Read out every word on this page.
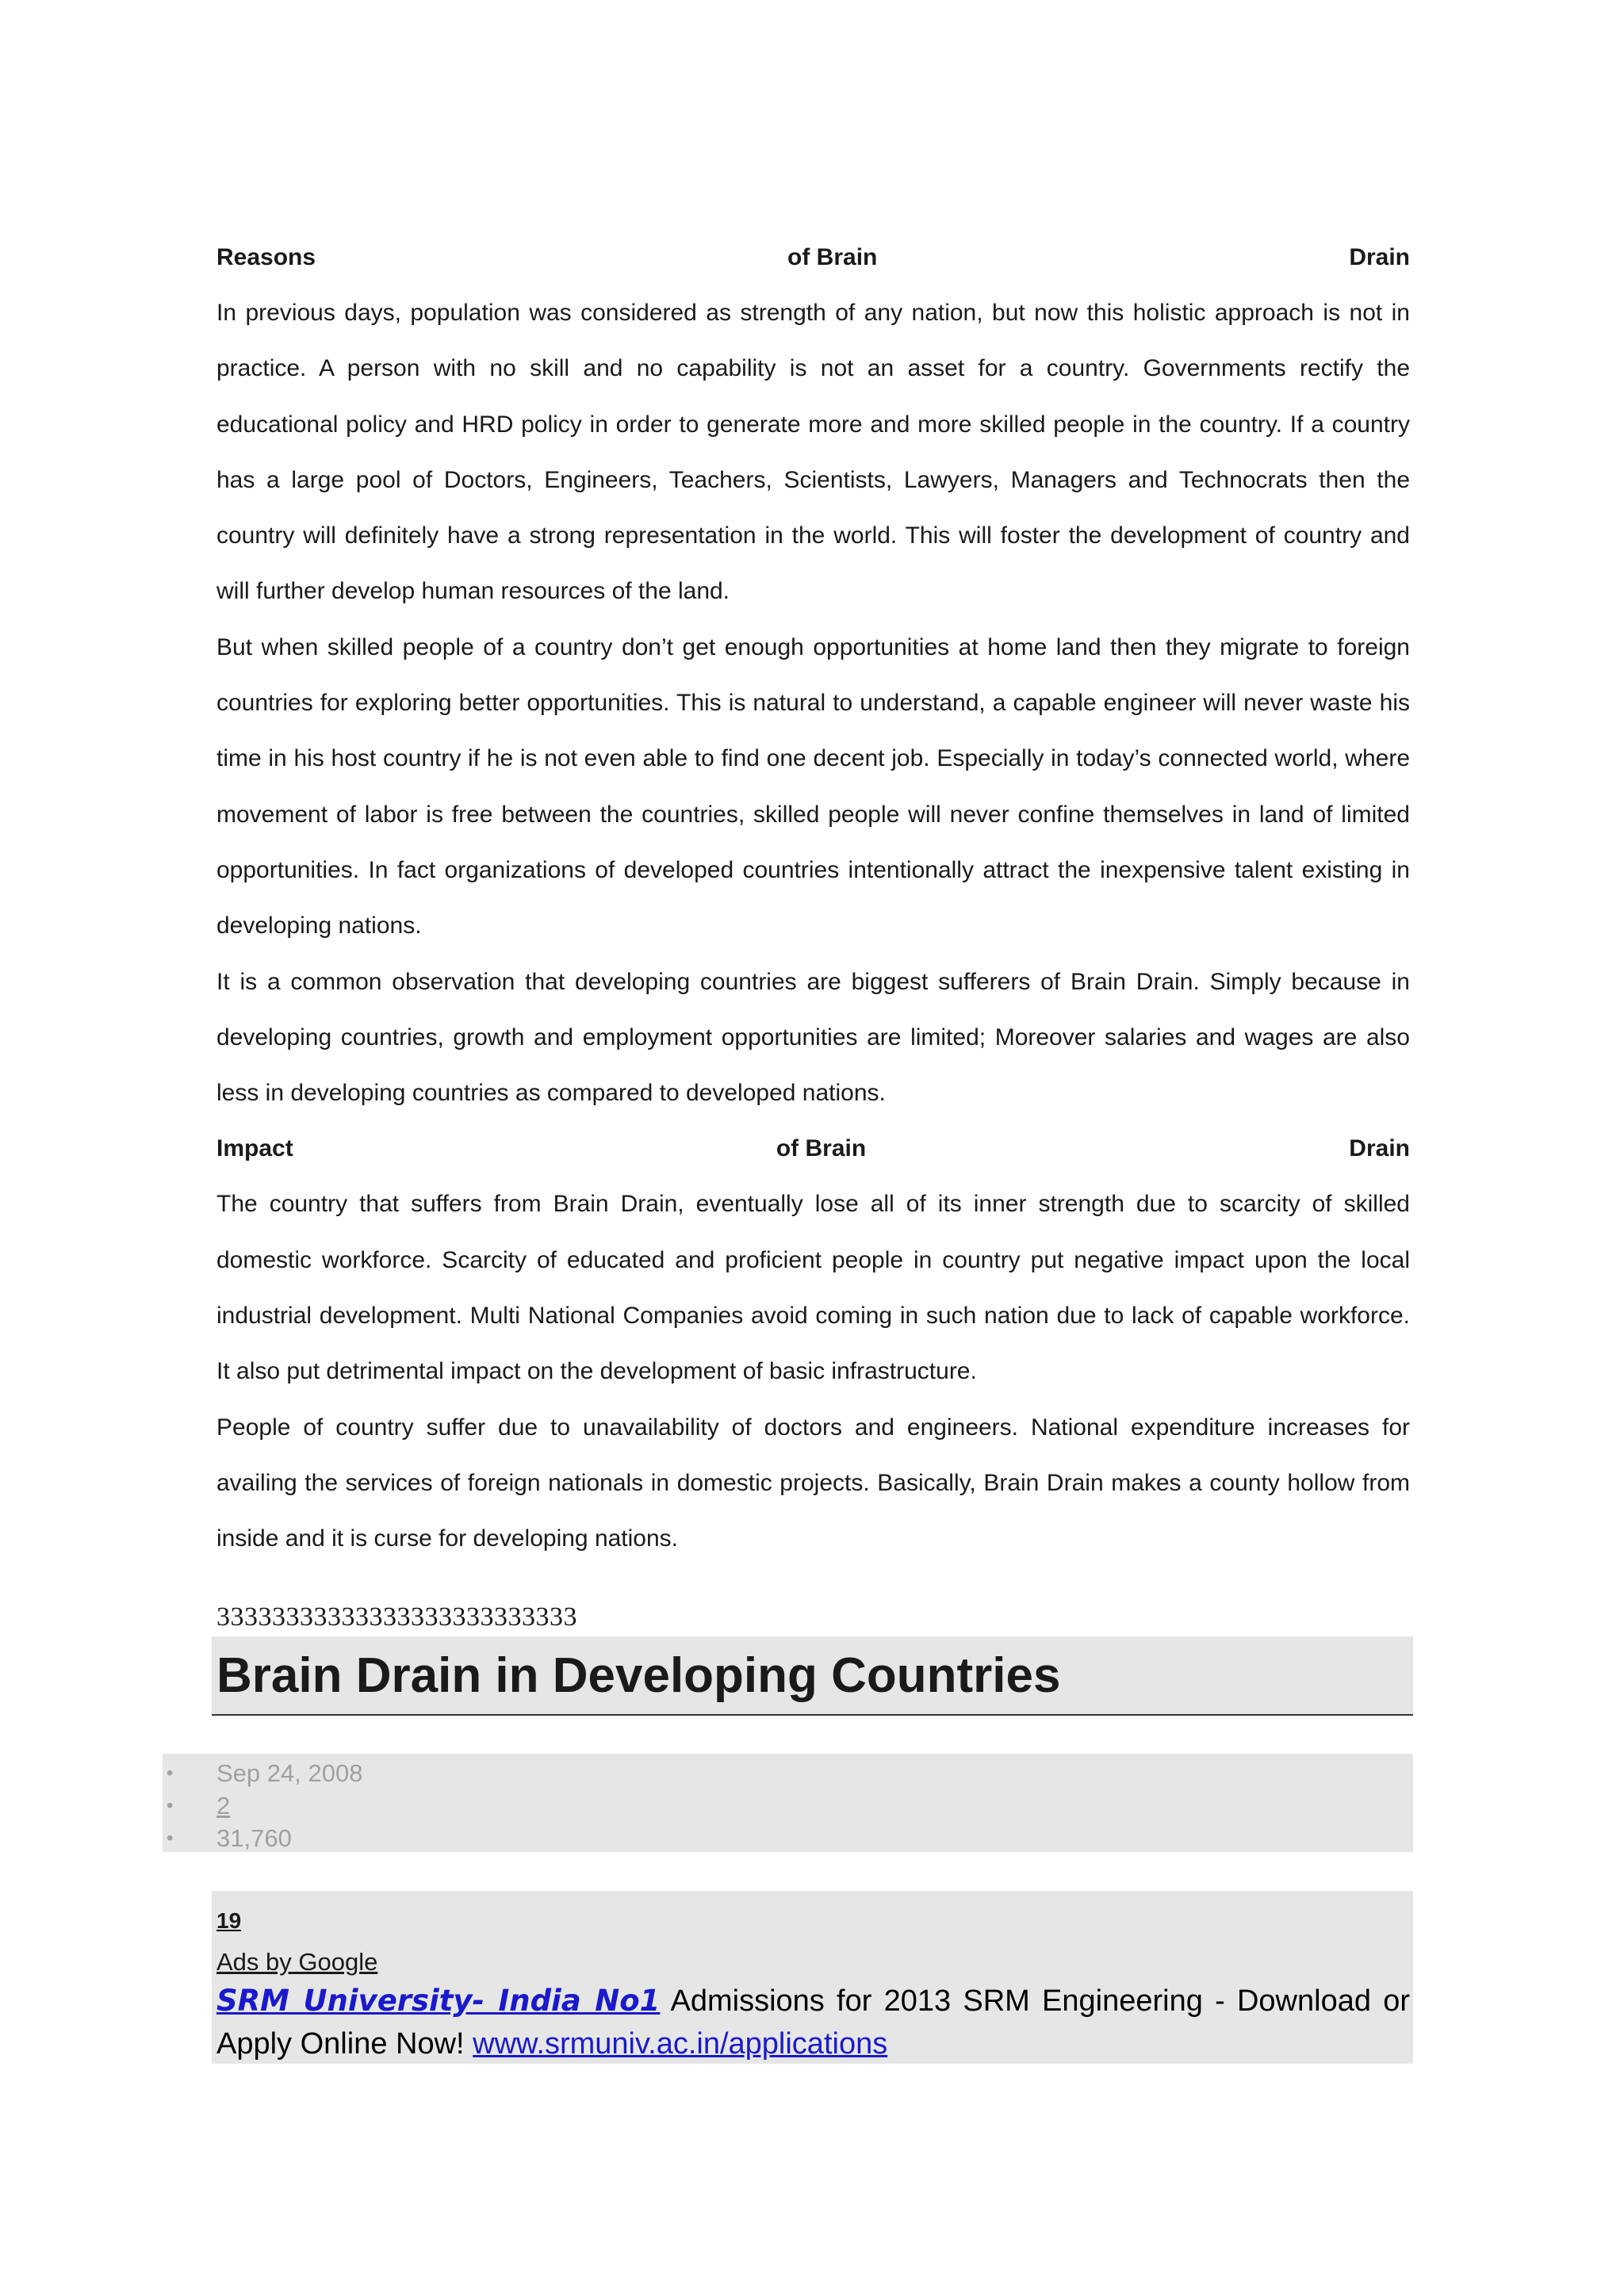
Reasons	of Brain	Drain

In previous days, population was considered as strength of any nation, but now this holistic approach is not in practice. A person with no skill and no capability is not an asset for a country. Governments rectify the educational policy and HRD policy in order to generate more and more skilled people in the country. If a country has a large pool of Doctors, Engineers, Teachers, Scientists, Lawyers, Managers and Technocrats then the country will definitely have a strong representation in the world. This will foster the development of country and will further develop human resources of the land.

But when skilled people of a country don’t get enough opportunities at home land then they migrate to foreign countries for exploring better opportunities. This is natural to understand, a capable engineer will never waste his time in his host country if he is not even able to find one decent job. Especially in today’s connected world, where movement of labor is free between the countries, skilled people will never confine themselves in land of limited opportunities. In fact organizations of developed countries intentionally attract the inexpensive talent existing in developing nations.

It is a common observation that developing countries are biggest sufferers of Brain Drain. Simply because in developing countries, growth and employment opportunities are limited; Moreover salaries and wages are also less in developing countries as compared to developed nations.

Impact	of Brain	Drain

The country that suffers from Brain Drain, eventually lose all of its inner strength due to scarcity of skilled domestic workforce. Scarcity of educated and proficient people in country put negative impact upon the local industrial development. Multi National Companies avoid coming in such nation due to lack of capable workforce. It also put detrimental impact on the development of basic infrastructure.

People of country suffer due to unavailability of doctors and engineers. National expenditure increases for availing the services of foreign nationals in domestic projects. Basically, Brain Drain makes a county hollow from inside and it is curse for developing nations.

33333333333333333333333333
Brain Drain in Developing Countries
• Sep 24, 2008
• 2
• 31,760
19
Ads by Google
SRM University- India No1 Admissions for 2013 SRM Engineering - Download or Apply Online Now! www.srmuniv.ac.in/applications
